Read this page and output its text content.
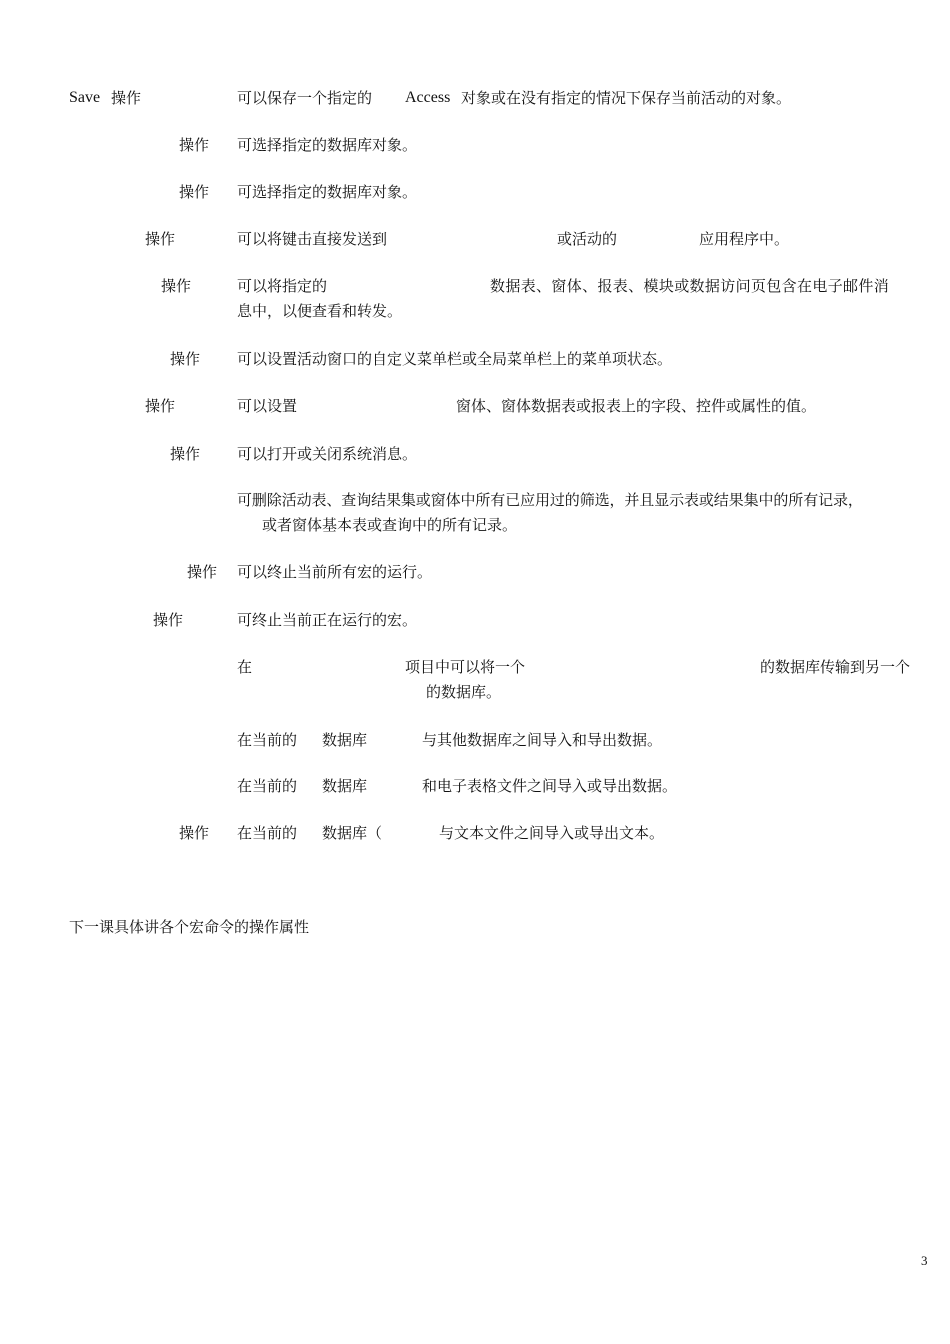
Save 操作	可以保存一个指定的 Access 对象或在没有指定的情况下保存当前活动的对象。
操作 可选择指定的数据库对象。
操作 可选择指定的数据库对象。
操作	可以将键击直接发送到	或活动的	应用程序中。
操作	可以将指定的	数据表、窗体、报表、模块或数据访问页包含在电子邮件消
息中，以便查看和转发。
操作 可以设置活动窗口的自定义菜单栏或全局菜单栏上的菜单项状态。
操作	可以设置	窗体、窗体数据表或报表上的字段、控件或属性的值。
操作 可以打开或关闭系统消息。
可删除活动表、查询结果集或窗体中所有已应用过的筛选，并且显示表或结果集中的所有记录，
或者窗体基本表或查询中的所有记录。
操作 可以终止当前所有宏的运行。
操作	可终止当前正在运行的宏。
在	项目中可以将一个	的数据库传输到另一个
的数据库。
在当前的 数据库	与其他数据库之间导入和导出数据。
在当前的 数据库	和电子表格文件之间导入或导出数据。
操作 在当前的 数据库（	与文本文件之间导入或导出文本。
下一课具体讲各个宏命令的操作属性
3
